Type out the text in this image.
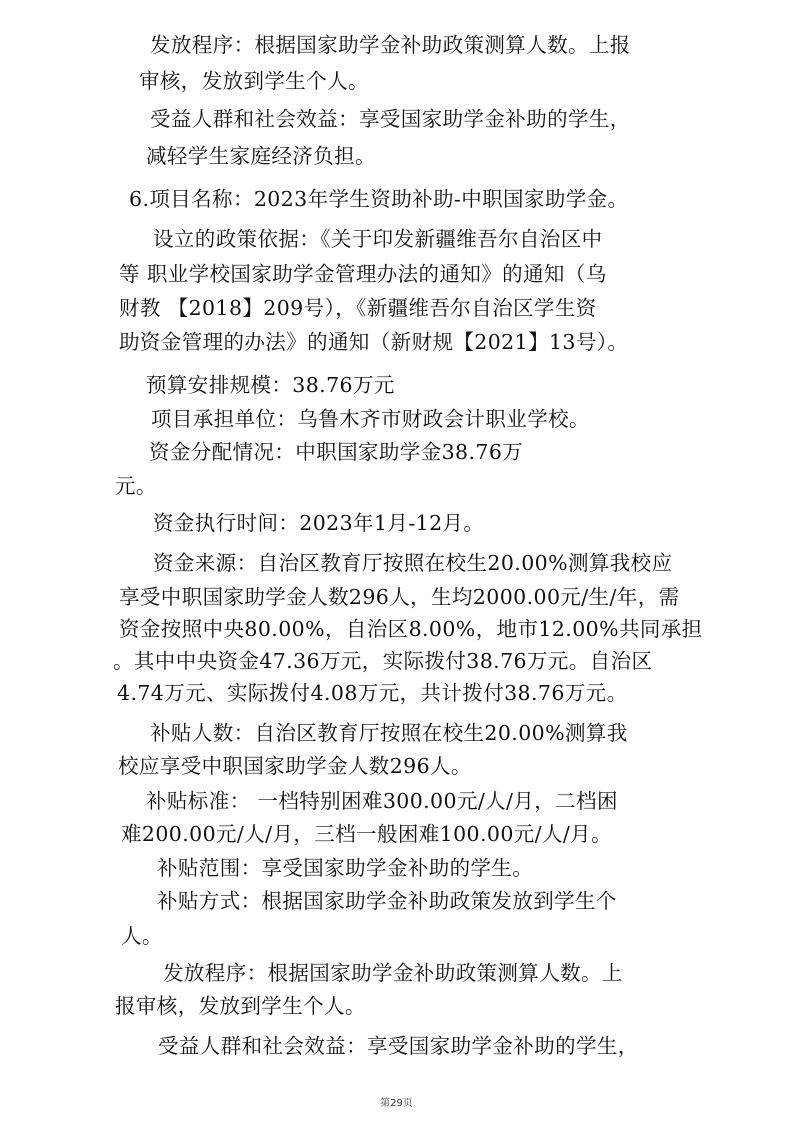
发放程序：根据国家助学金补助政策测算人数。上报
审核，发放到学生个人。
受益人群和社会效益：享受国家助学金补助的学生，
减轻学生家庭经济负担。
6.项目名称：2023年学生资助补助-中职国家助学金。
设立的政策依据：《关于印发新疆维吾尔自治区中
等 职业学校国家助学金管理办法的通知》的通知（乌
财教 【2018】209号），《新疆维吾尔自治区学生资
助资金管理的办法》的通知（新财规【2021】13号）。
预算安排规模：38.76万元
项目承担单位：乌鲁木齐市财政会计职业学校。
资金分配情况：中职国家助学金38.76万
元。
资金执行时间：2023年1月-12月。
资金来源：自治区教育厅按照在校生20.00%测算我校应
享受中职国家助学金人数296人，生均2000.00元/生/年，需
资金按照中央80.00%，自治区8.00%，地市12.00%共同承担
。其中中央资金47.36万元，实际拨付38.76万元。自治区
4.74万元、实际拨付4.08万元，共计拨付38.76万元。
补贴人数：自治区教育厅按照在校生20.00%测算我
校应享受中职国家助学金人数296人。
补贴标准： 一档特别困难300.00元/人/月，二档困
难200.00元/人/月，三档一般困难100.00元/人/月。
补贴范围：享受国家助学金补助的学生。
补贴方式：根据国家助学金补助政策发放到学生个
人。
发放程序：根据国家助学金补助政策测算人数。上
报审核，发放到学生个人。
受益人群和社会效益：享受国家助学金补助的学生，
第29页
